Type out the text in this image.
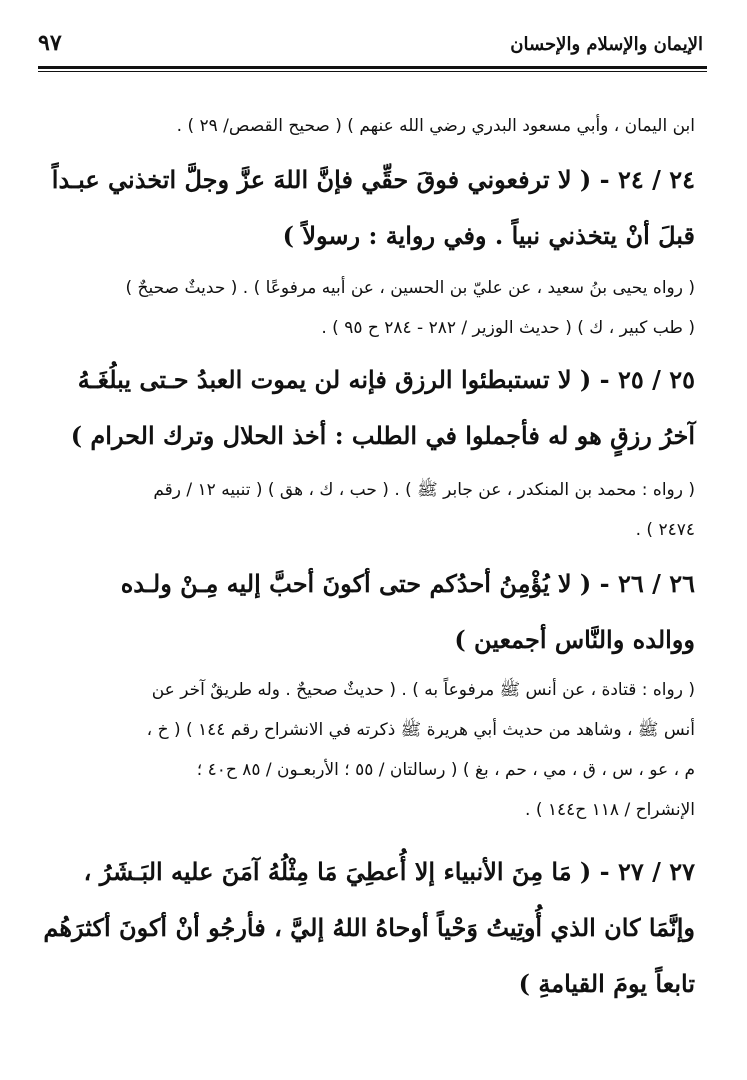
٩٧	الإيمان والإسلام والإحسان
ابن اليمان ، وأبي مسعود البدري رضي الله عنهم ) ( صحيح القصص/ ٢٩ ) .
٢٤ / ٢٤ - ( لا ترفعوني فوقَ حقِّي فإنَّ اللهَ عزَّ وجلَّ اتخذني عبـداً
قبلَ أنْ يتخذني نبياً . وفي رواية : رسولاً )
( رواه يحيى بنُ سعيد ، عن عليّ بن الحسين ، عن أبيه مرفوعًا ) . ( حديثٌ صحيحٌ )
( طب كبير ، ك ) ( حديث الوزير / ٢٨٢ - ٢٨٤ ح ٩٥ ) .
٢٥ / ٢٥ - ( لا تستبطئوا الرزق فإنه لن يموت العبدُ حـتى يبلُغَـهُ
آخرُ رزقٍ هو له فأجملوا في الطلب : أخذ الحلال وترك الحرام )
( رواه : محمد بن المنكدر ، عن جابر ﷺ ) . ( حب ، ك ، هق ) ( تنبيه ١٢ / رقم
٢٤٧٤ ) .
٢٦ / ٢٦ - ( لا يُؤْمِنُ أحدُكم حتى أكونَ أحبَّ إليه مِـنْ ولـده
ووالده والنَّاس أجمعين )
( رواه : قتادة ، عن أنس ﷺ مرفوعاً به ) . ( حديثٌ صحيحٌ . وله طريقٌ آخر عن
أنس ﷺ ، وشاهد من حديث أبي هريرة ﷺ ذكرته في الانشراح رقم ١٤٤ ) ( خ ،
م ، عو ، س ، ق ، مي ، حم ، بغ ) ( رسالتان / ٥٥ ؛ الأربعـون / ٨٥ ح٤٠ ؛
الإنشراح / ١١٨ ح١٤٤ ) .
٢٧ / ٢٧ - ( مَا مِنَ الأنبياء إلا أُعطِيَ مَا مِثْلُهُ آمَنَ عليه البَـشَرُ ،
وإنَّمَا كان الذي أُوتِيتُ وَحْياً أوحاهُ اللهُ إليَّ ، فأرجُو أنْ أكونَ أكثرَهُم
تابعاً يومَ القيامةِ )
